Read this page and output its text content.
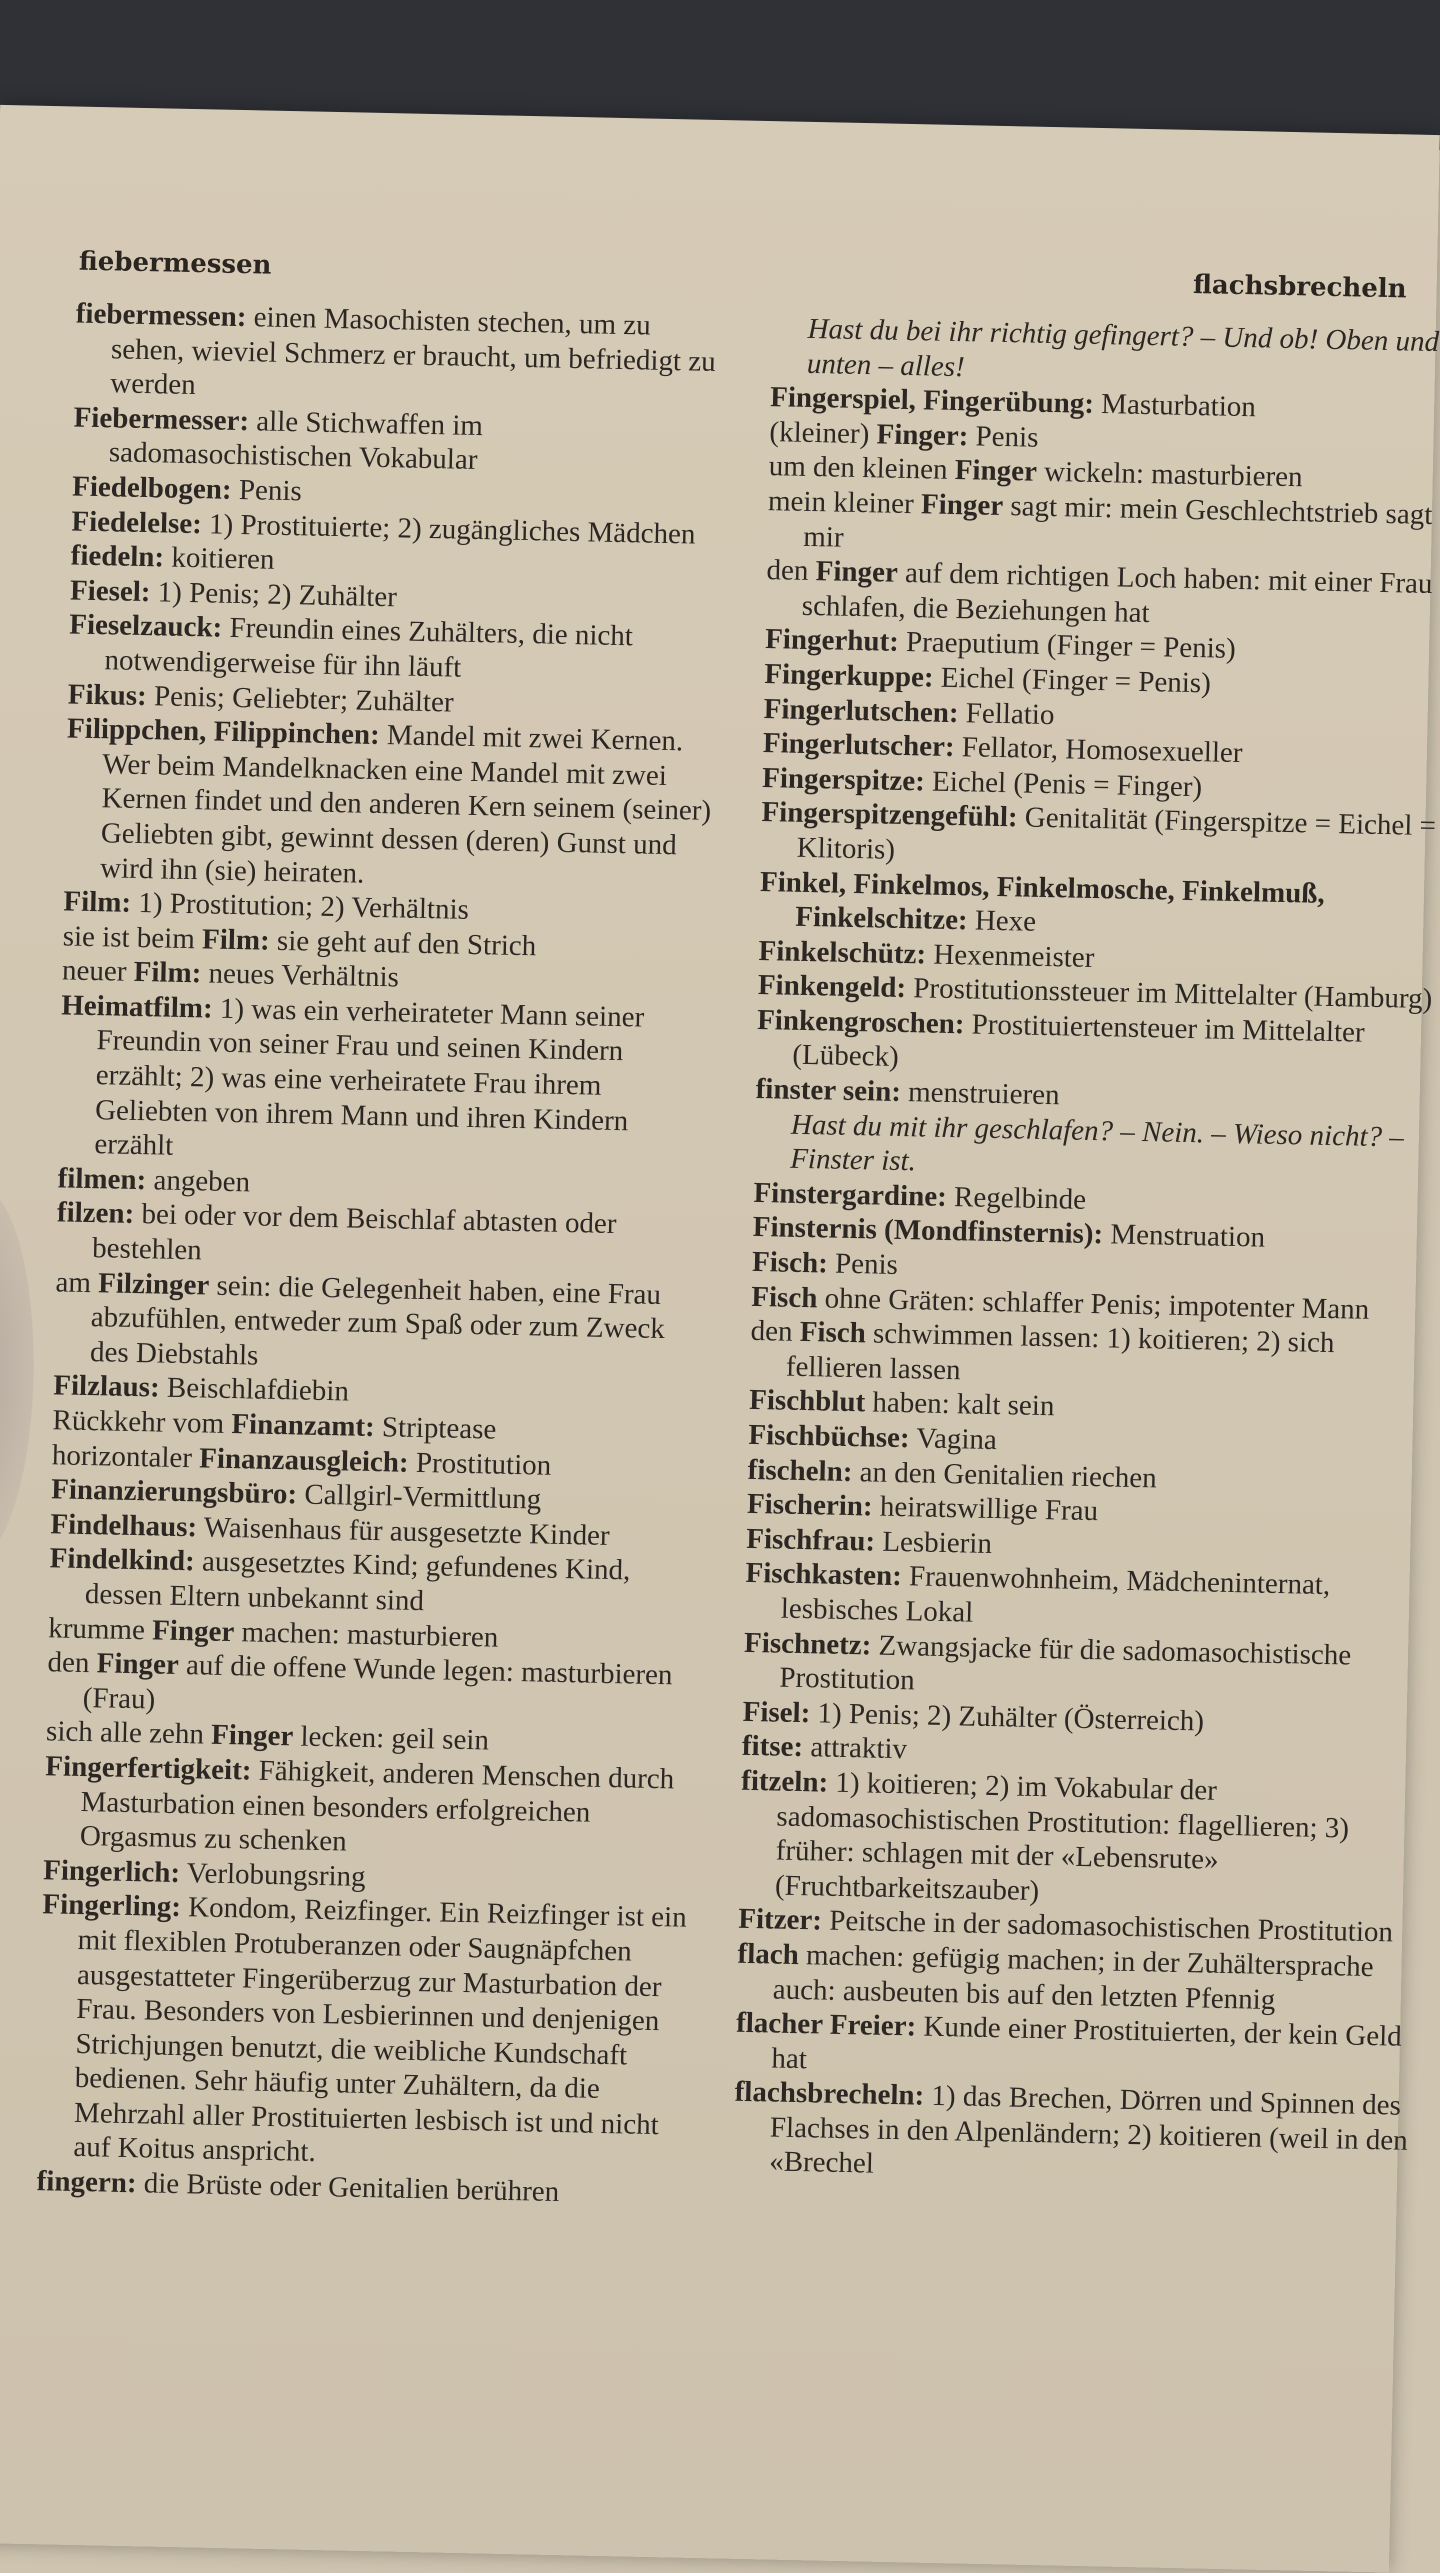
fiebermessen
flachsbrecheln

fiebermessen: einen Masochisten stechen, um zu sehen, wieviel Schmerz er braucht, um befriedigt zu werden

Fiebermesser: alle Stichwaffen im sadomasochistischen Vokabular

Fiedelbogen: Penis

Fiedelelse: 1) Prostituierte; 2) zugängliches Mädchen

fiedeln: koitieren

Fiesel: 1) Penis; 2) Zuhälter

Fieselzauck: Freundin eines Zuhälters, die nicht notwendigerweise für ihn läuft

Fikus: Penis; Geliebter; Zuhälter

Filippchen, Filippinchen: Mandel mit zwei Kernen. Wer beim Mandelknacken eine Mandel mit zwei Kernen findet und den anderen Kern seinem (seiner) Geliebten gibt, gewinnt dessen (deren) Gunst und wird ihn (sie) heiraten.

Film: 1) Prostitution; 2) Verhältnis

sie ist beim Film: sie geht auf den Strich

neuer Film: neues Verhältnis

Heimatfilm: 1) was ein verheirateter Mann seiner Freundin von seiner Frau und seinen Kindern erzählt; 2) was eine verheiratete Frau ihrem Geliebten von ihrem Mann und ihren Kindern erzählt

filmen: angeben

filzen: bei oder vor dem Beischlaf abtasten oder bestehlen

am Filzinger sein: die Gelegenheit haben, eine Frau abzufühlen, entweder zum Spaß oder zum Zweck des Diebstahls

Filzlaus: Beischlafdiebin

Rückkehr vom Finanzamt: Striptease

horizontaler Finanzausgleich: Prostitution

Finanzierungsbüro: Callgirl-Vermittlung

Findelhaus: Waisenhaus für ausgesetzte Kinder

Findelkind: ausgesetztes Kind; gefundenes Kind, dessen Eltern unbekannt sind

krumme Finger machen: masturbieren

den Finger auf die offene Wunde legen: masturbieren (Frau)

sich alle zehn Finger lecken: geil sein

Fingerfertigkeit: Fähigkeit, anderen Menschen durch Masturbation einen besonders erfolgreichen Orgasmus zu schenken

Fingerlich: Verlobungsring

Fingerling: Kondom, Reizfinger. Ein Reizfinger ist ein mit flexiblen Protuberanzen oder Saugnäpfchen ausgestatteter Fingerüberzug zur Masturbation der Frau. Besonders von Lesbierinnen und denjenigen Strichjungen benutzt, die weibliche Kundschaft bedienen. Sehr häufig unter Zuhältern, da die Mehrzahl aller Prostituierten lesbisch ist und nicht auf Koitus anspricht.

fingern: die Brüste oder Genitalien berühren

Hast du bei ihr richtig gefingert? – Und ob! Oben und unten – alles!

Fingerspiel, Fingerübung: Masturbation

(kleiner) Finger: Penis

um den kleinen Finger wickeln: masturbieren

mein kleiner Finger sagt mir: mein Geschlechtstrieb sagt mir

den Finger auf dem richtigen Loch haben: mit einer Frau schlafen, die Beziehungen hat

Fingerhut: Praeputium (Finger = Penis)

Fingerkuppe: Eichel (Finger = Penis)

Fingerlutschen: Fellatio

Fingerlutscher: Fellator, Homosexueller

Fingerspitze: Eichel (Penis = Finger)

Fingerspitzengefühl: Genitalität (Fingerspitze = Eichel = Klitoris)

Finkel, Finkelmos, Finkelmosche, Finkelmuß, Finkelschitze: Hexe

Finkelschütz: Hexenmeister

Finkengeld: Prostitutionssteuer im Mittelalter (Hamburg)

Finkengroschen: Prostituiertensteuer im Mittelalter (Lübeck)

finster sein: menstruieren

Hast du mit ihr geschlafen? – Nein. – Wieso nicht? – Finster ist.

Finstergardine: Regelbinde

Finsternis (Mondfinsternis): Menstruation

Fisch: Penis

Fisch ohne Gräten: schlaffer Penis; impotenter Mann

den Fisch schwimmen lassen: 1) koitieren; 2) sich fellieren lassen

Fischblut haben: kalt sein

Fischbüchse: Vagina

fischeln: an den Genitalien riechen

Fischerin: heiratswillige Frau

Fischfrau: Lesbierin

Fischkasten: Frauenwohnheim, Mädcheninternat, lesbisches Lokal

Fischnetz: Zwangsjacke für die sadomasochistische Prostitution

Fisel: 1) Penis; 2) Zuhälter (Österreich)

fitse: attraktiv

fitzeln: 1) koitieren; 2) im Vokabular der sadomasochistischen Prostitution: flagellieren; 3) früher: schlagen mit der «Lebensrute» (Fruchtbarkeitszauber)

Fitzer: Peitsche in der sadomasochistischen Prostitution

flach machen: gefügig machen; in der Zuhältersprache auch: ausbeuten bis auf den letzten Pfennig

flacher Freier: Kunde einer Prostituierten, der kein Geld hat

flachsbrecheln: 1) das Brechen, Dörren und Spinnen des Flachses in den Alpenländern; 2) koitieren (weil in den «Brechel
